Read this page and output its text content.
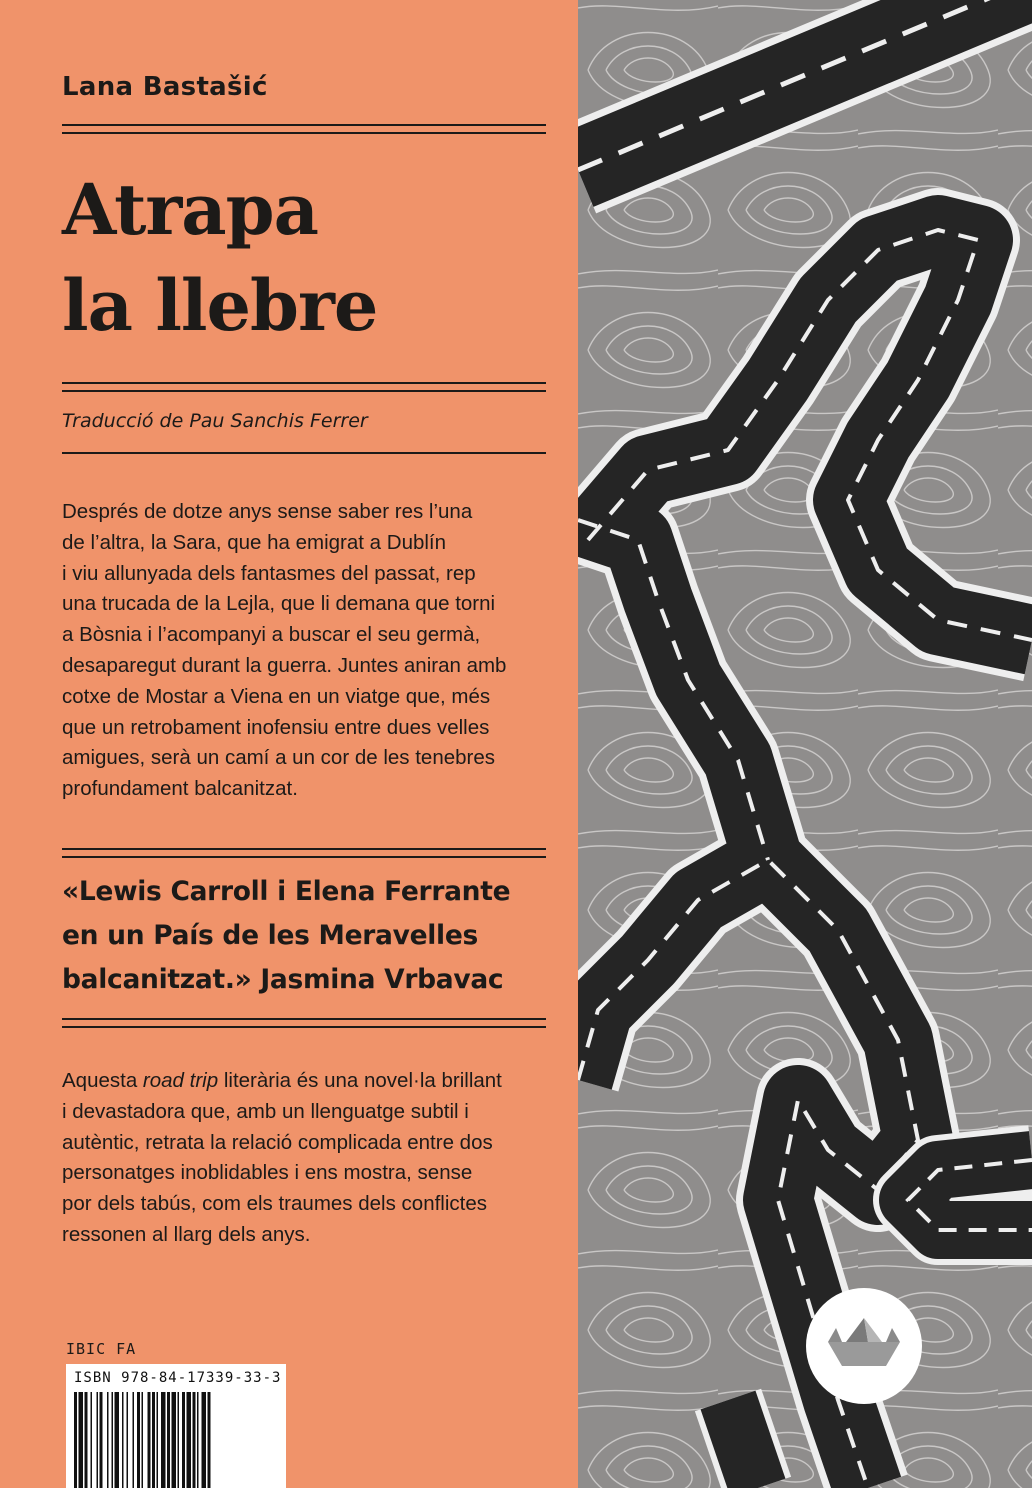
Lana Bastašić
Atrapa
la llebre
Traducció de Pau Sanchis Ferrer
Després de dotze anys sense saber res l’una
de l’altra, la Sara, que ha emigrat a Dublín
i viu allunyada dels fantasmes del passat, rep
una trucada de la Lejla, que li demana que torni
a Bòsnia i l’acompanyi a buscar el seu germà,
desaparegut durant la guerra. Juntes aniran amb
cotxe de Mostar a Viena en un viatge que, més
que un retrobament inofensiu entre dues velles
amigues, serà un camí a un cor de les tenebres
profundament balcanitzat.
«Lewis Carroll i Elena Ferrante
en un País de les Meravelles
balcanitzat.» Jasmina Vrbavac
Aquesta road trip literària és una novel·la brillant
i devastadora que, amb un llenguatge subtil i
autèntic, retrata la relació complicada entre dos
personatges inoblidables i ens mostra, sense
por dels tabús, com els traumes dels conflictes
ressonen al llarg dels anys.
IBIC FA
ISBN 978-84-17339-33-3
